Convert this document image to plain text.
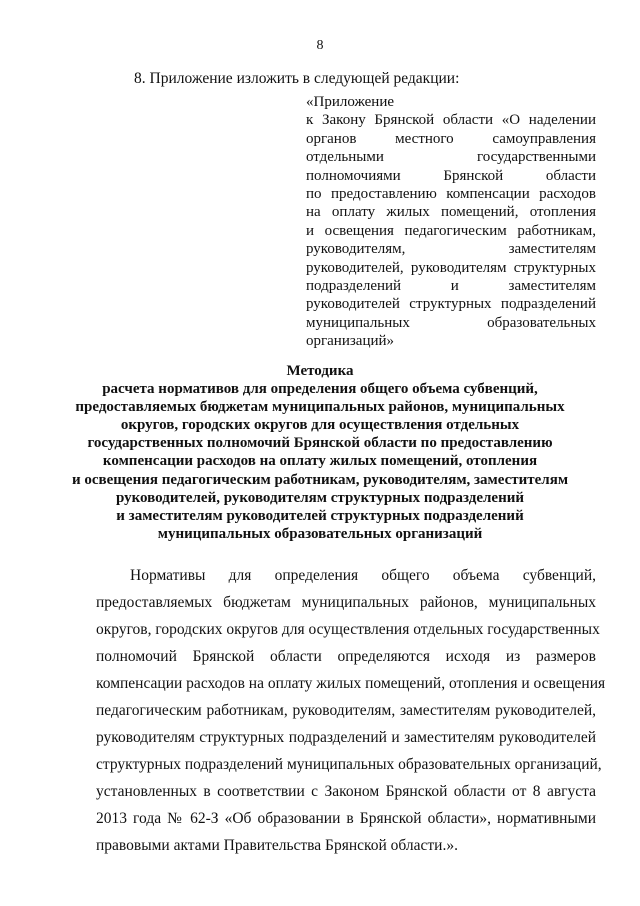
8
8. Приложение изложить в следующей редакции:
«Приложение
к Закону Брянской области «О наделении
органов местного самоуправления
отдельными государственными
полномочиями Брянской области
по предоставлению компенсации расходов
на оплату жилых помещений, отопления
и освещения педагогическим работникам,
руководителям, заместителям
руководителей, руководителям структурных
подразделений и заместителям
руководителей структурных подразделений
муниципальных образовательных
организаций»
Методика
расчета нормативов для определения общего объема субвенций,
предоставляемых бюджетам муниципальных районов, муниципальных
округов, городских округов для осуществления отдельных
государственных полномочий Брянской области по предоставлению
компенсации расходов на оплату жилых помещений, отопления
и освещения педагогическим работникам, руководителям, заместителям
руководителей, руководителям структурных подразделений
и заместителям руководителей структурных подразделений
муниципальных образовательных организаций
Нормативы для определения общего объема субвенций,
предоставляемых бюджетам муниципальных районов, муниципальных
округов, городских округов для осуществления отдельных государственных
полномочий Брянской области определяются исходя из размеров
компенсации расходов на оплату жилых помещений, отопления и освещения
педагогическим работникам, руководителям, заместителям руководителей,
руководителям структурных подразделений и заместителям руководителей
структурных подразделений муниципальных образовательных организаций,
установленных в соответствии с Законом Брянской области от 8 августа
2013 года № 62-З «Об образовании в Брянской области», нормативными
правовыми актами Правительства Брянской области.».
